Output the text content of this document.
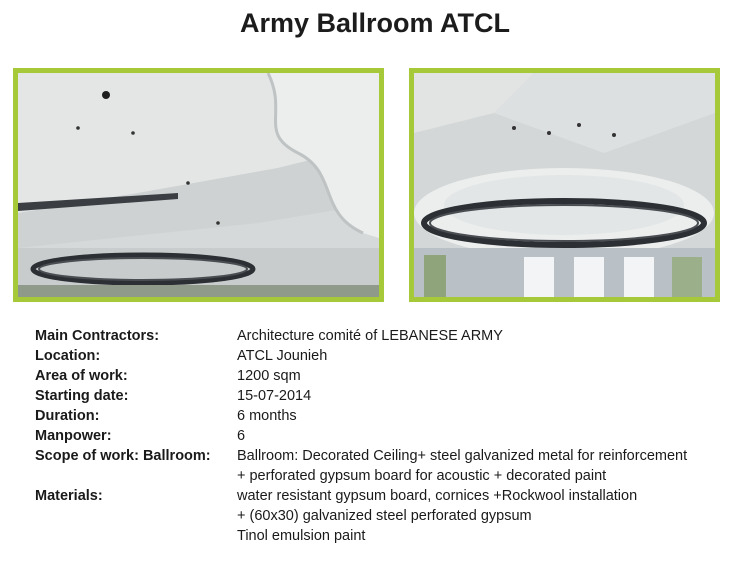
Army Ballroom ATCL
Main Contractors:	Architecture comité of LEBANESE ARMY
Location:	ATCL Jounieh
Area of work:	1200 sqm
Starting date:	15-07-2014
Duration:	6 months
Manpower:	6
Scope of work: Ballroom:	Ballroom: Decorated Ceiling+ steel galvanized metal for reinforcement
+ perforated gypsum board for acoustic + decorated paint
Materials:	water resistant gypsum board, cornices +Rockwool installation
+ (60x30) galvanized steel perforated gypsum
Tinol emulsion paint
